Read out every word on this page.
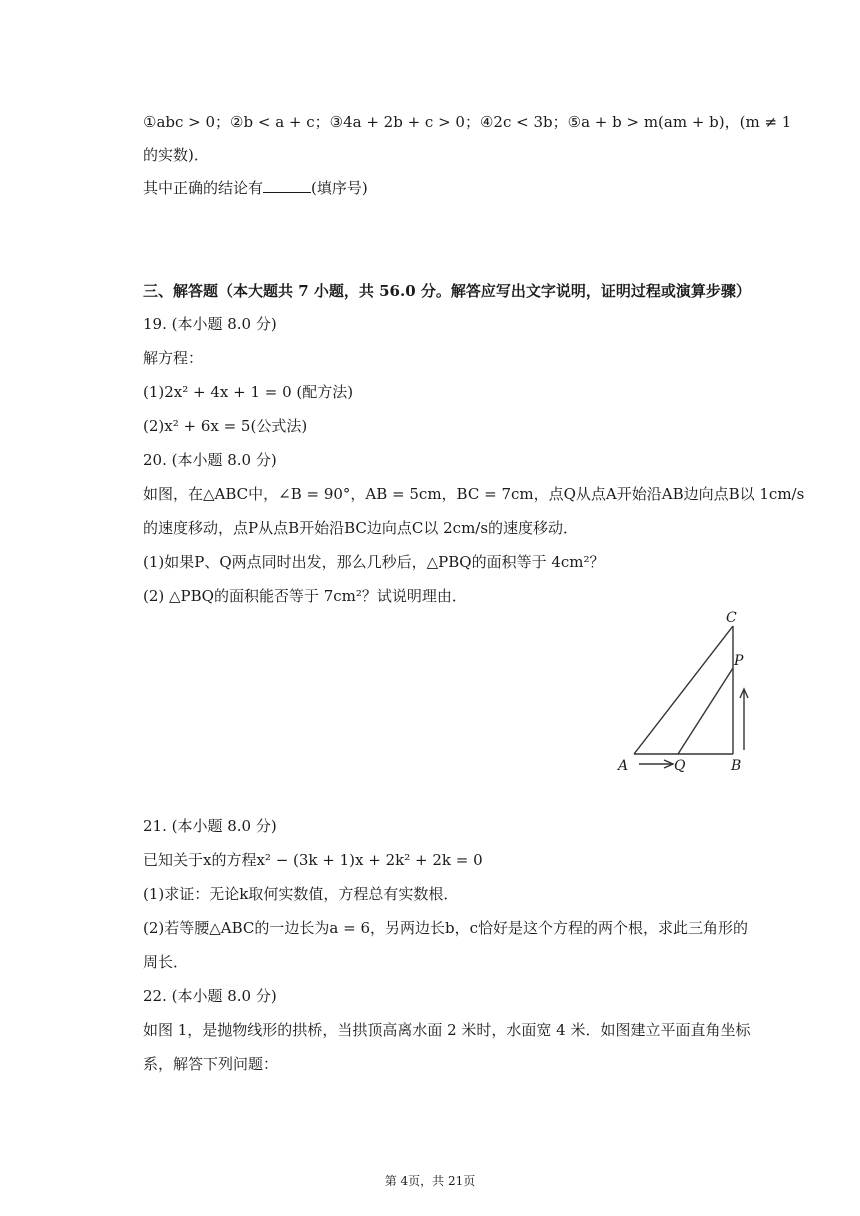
①abc > 0；②b < a + c；③4a + 2b + c > 0；④2c < 3b；⑤a + b > m(am + b)，(m ≠ 1
的实数)．
其中正确的结论有	(填序号)
三、解答题（本大题共 7 小题，共 56.0 分。解答应写出文字说明，证明过程或演算步骤）
19. (本小题 8.0 分)
解方程：
(1)2x² + 4x + 1 = 0 (配方法)
(2)x² + 6x = 5(公式法)
20. (本小题 8.0 分)
如图，在△ABC中，∠B = 90°，AB = 5cm，BC = 7cm，点Q从点A开始沿AB边向点B以 1cm/s
的速度移动，点P从点B开始沿BC边向点C以 2cm/s的速度移动．
(1)如果P、Q两点同时出发，那么几秒后，△PBQ的面积等于 4cm²？
(2) △PBQ的面积能否等于 7cm²？试说明理由．
C
P
A	Q	B
21. (本小题 8.0 分)
已知关于x的方程x² − (3k + 1)x + 2k² + 2k = 0
(1)求证：无论k取何实数值，方程总有实数根．
(2)若等腰△ABC的一边长为a = 6，另两边长b，c恰好是这个方程的两个根，求此三角形的
周长．
22. (本小题 8.0 分)
如图 1，是抛物线形的拱桥，当拱顶高离水面 2 米时，水面宽 4 米．如图建立平面直角坐标
系，解答下列问题：
第 4页，共 21页
